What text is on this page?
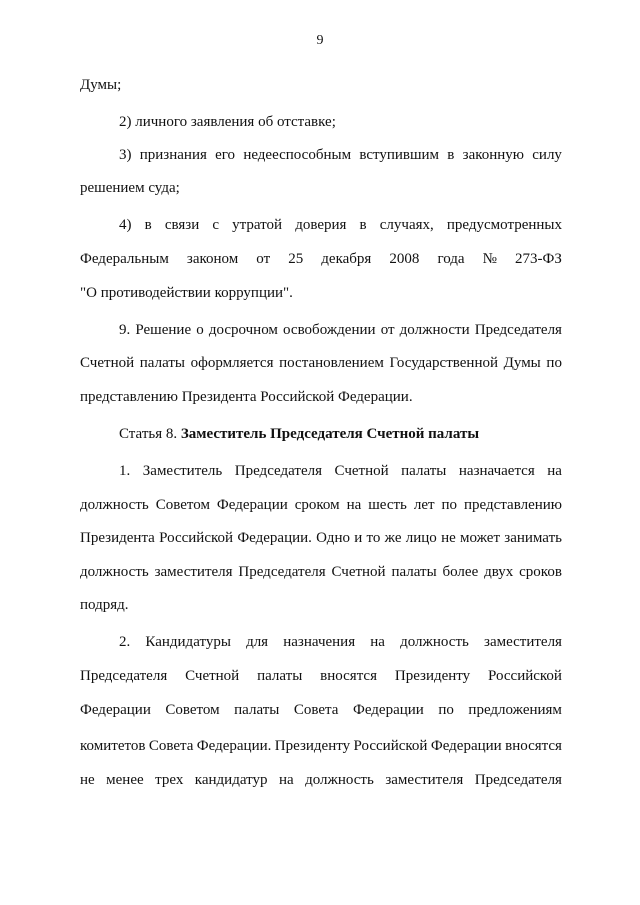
9
Думы;
2) личного заявления об отставке;
3) признания его недееспособным вступившим в законную силу
решением суда;
4) в связи с утратой доверия в случаях, предусмотренных
Федеральным законом от 25 декабря 2008 года № 273-ФЗ
"О противодействии коррупции".
9. Решение о досрочном освобождении от должности Председателя
Счетной палаты оформляется постановлением Государственной Думы по
представлению Президента Российской Федерации.
Статья 8. Заместитель Председателя Счетной палаты
1. Заместитель Председателя Счетной палаты назначается на
должность Советом Федерации сроком на шесть лет по представлению
Президента Российской Федерации. Одно и то же лицо не может занимать
должность заместителя Председателя Счетной палаты более двух сроков
подряд.
2. Кандидатуры для назначения на должность заместителя
Председателя Счетной палаты вносятся Президенту Российской
Федерации Советом палаты Совета Федерации по предложениям
комитетов Совета Федерации. Президенту Российской Федерации вносятся
не менее трех кандидатур на должность заместителя Председателя
